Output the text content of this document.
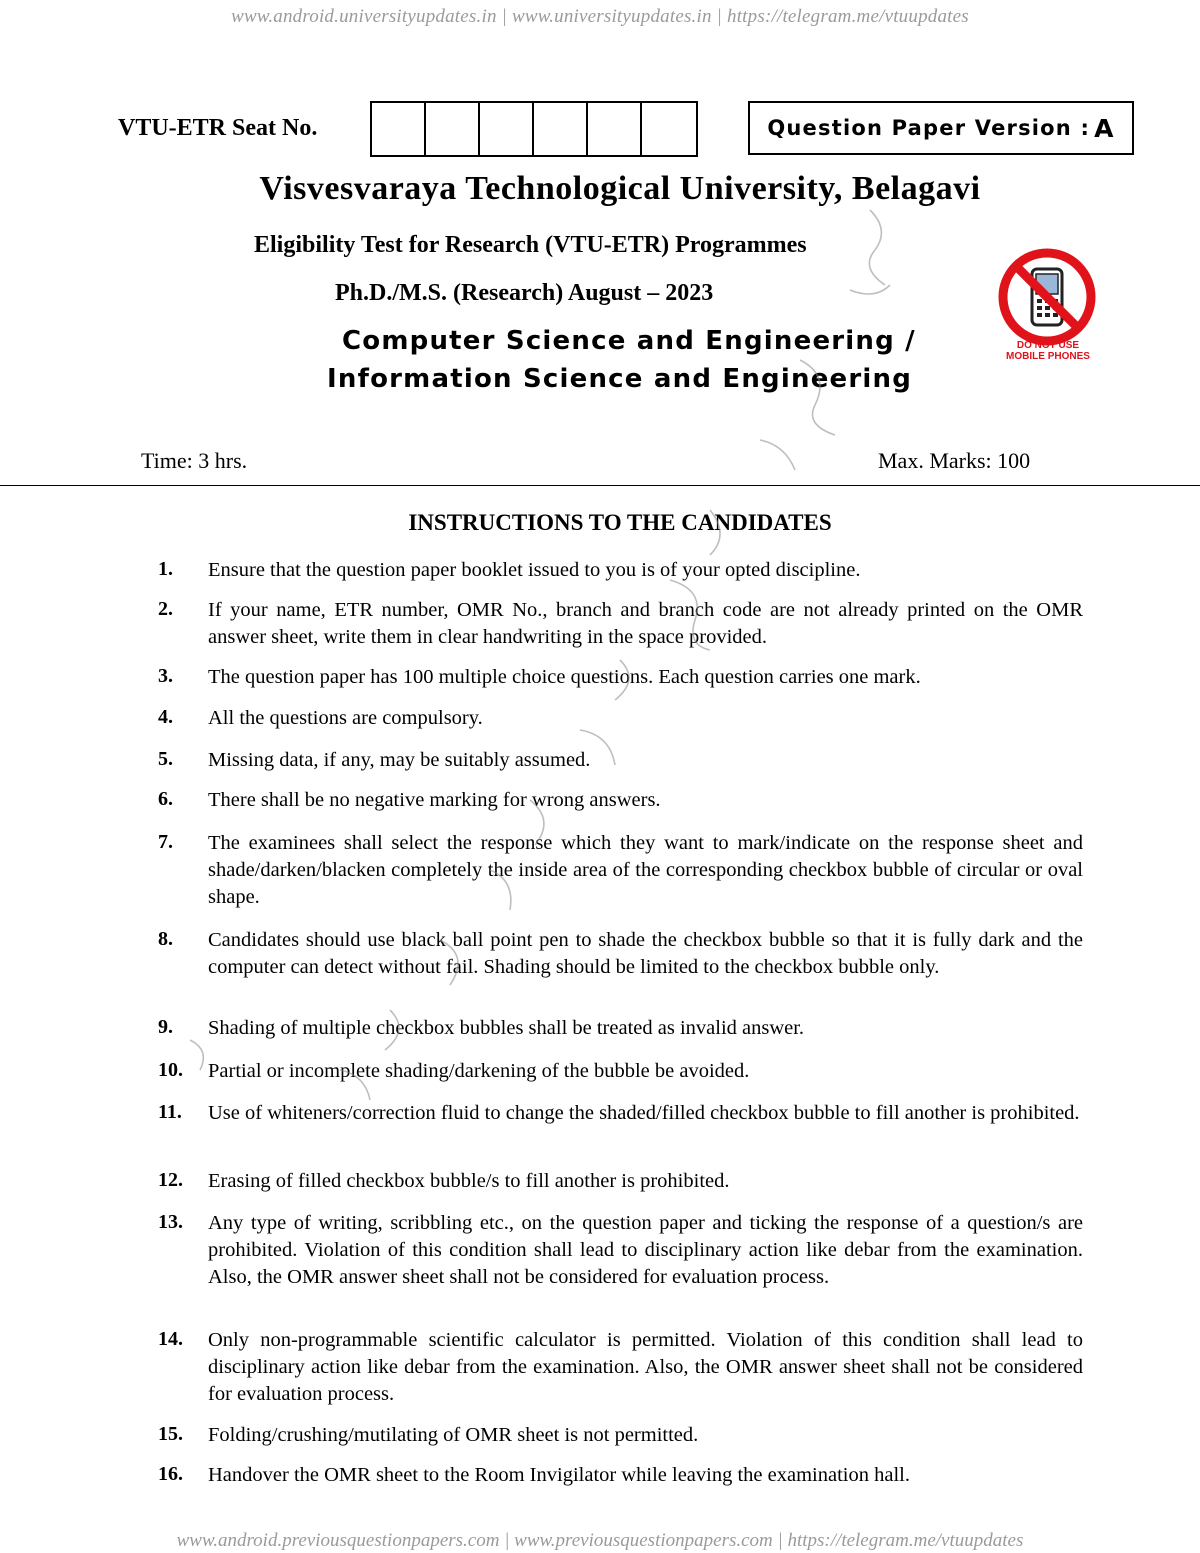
www.android.universityupdates.in | www.universityupdates.in | https://telegram.me/vtuupdates
VTU-ETR Seat No.	Question Paper Version : A
Visvesvaraya Technological University, Belagavi
Eligibility Test for Research (VTU-ETR) Programmes
Ph.D./M.S. (Research) August – 2023
Computer Science and Engineering /
Information Science and Engineering
DO NOT USE
MOBILE PHONES
Time: 3 hrs.	Max. Marks: 100
INSTRUCTIONS TO THE CANDIDATES
1.	Ensure that the question paper booklet issued to you is of your opted discipline.
2.	If your name, ETR number, OMR No., branch and branch code are not already printed on the OMR answer sheet, write them in clear handwriting in the space provided.
3.	The question paper has 100 multiple choice questions. Each question carries one mark.
4.	All the questions are compulsory.
5.	Missing data, if any, may be suitably assumed.
6.	There shall be no negative marking for wrong answers.
7.	The examinees shall select the response which they want to mark/indicate on the response sheet and shade/darken/blacken completely the inside area of the corresponding checkbox bubble of circular or oval shape.
8.	Candidates should use black ball point pen to shade the checkbox bubble so that it is fully dark and the computer can detect without fail. Shading should be limited to the checkbox bubble only.
9.	Shading of multiple checkbox bubbles shall be treated as invalid answer.
10.	Partial or incomplete shading/darkening of the bubble be avoided.
11.	Use of whiteners/correction fluid to change the shaded/filled checkbox bubble to fill another is prohibited.
12.	Erasing of filled checkbox bubble/s to fill another is prohibited.
13.	Any type of writing, scribbling etc., on the question paper and ticking the response of a question/s are prohibited. Violation of this condition shall lead to disciplinary action like debar from the examination. Also, the OMR answer sheet shall not be considered for evaluation process.
14.	Only non-programmable scientific calculator is permitted. Violation of this condition shall lead to disciplinary action like debar from the examination. Also, the OMR answer sheet shall not be considered for evaluation process.
15.	Folding/crushing/mutilating of OMR sheet is not permitted.
16.	Handover the OMR sheet to the Room Invigilator while leaving the examination hall.
www.android.previousquestionpapers.com | www.previousquestionpapers.com | https://telegram.me/vtuupdates
